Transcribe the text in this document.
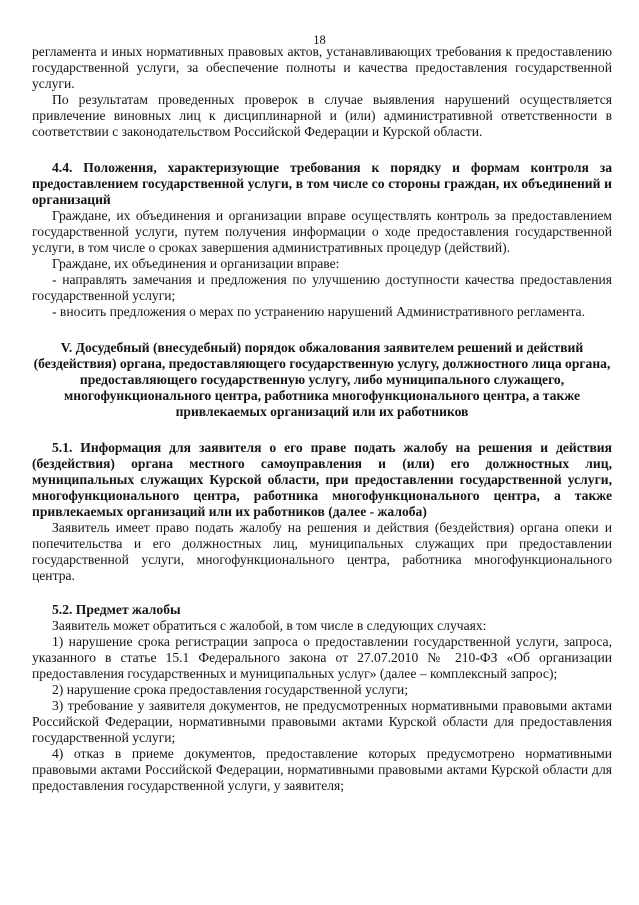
18

регламента и иных нормативных правовых актов, устанавливающих требования к предоставлению государственной услуги, за обеспечение полноты и качества предоставления государственной услуги.

По результатам проведенных проверок в случае выявления нарушений осуществляется привлечение виновных лиц к дисциплинарной и (или) административной ответственности в соответствии с законодательством Российской Федерации и Курской области.

4.4. Положения, характеризующие требования к порядку и формам контроля за предоставлением государственной услуги, в том числе со стороны граждан, их объединений и организаций

Граждане, их объединения и организации вправе осуществлять контроль за предоставлением государственной услуги, путем получения информации о ходе предоставления государственной услуги, в том числе о сроках завершения административных процедур (действий).

Граждане, их объединения и организации вправе:

- направлять замечания и предложения по улучшению доступности качества предоставления государственной услуги;

- вносить предложения о мерах по устранению нарушений Административного регламента.

V. Досудебный (внесудебный) порядок обжалования заявителем решений и действий (бездействия) органа, предоставляющего государственную услугу, должностного лица органа, предоставляющего государственную услугу, либо муниципального служащего, многофункционального центра, работника многофункционального центра, а также привлекаемых организаций или их работников

5.1. Информация для заявителя о его праве подать жалобу на решения и действия (бездействия) органа местного самоуправления и (или) его должностных лиц, муниципальных служащих Курской области, при предоставлении государственной услуги, многофункционального центра, работника многофункционального центра, а также привлекаемых организаций или их работников (далее - жалоба)

Заявитель имеет право подать жалобу на решения и действия (бездействия) органа опеки и попечительства и его должностных лиц, муниципальных служащих при предоставлении государственной услуги, многофункционального центра, работника многофункционального центра.

5.2. Предмет жалобы

Заявитель может обратиться с жалобой, в том числе в следующих случаях:

1) нарушение срока регистрации запроса о предоставлении государственной услуги, запроса, указанного в статье 15.1 Федерального закона от 27.07.2010 № 210-ФЗ «Об организации предоставления государственных и муниципальных услуг» (далее – комплексный запрос);

2) нарушение срока предоставления государственной услуги;

3) требование у заявителя документов, не предусмотренных нормативными правовыми актами Российской Федерации, нормативными правовыми актами Курской области для предоставления государственной услуги;

4) отказ в приеме документов, предоставление которых предусмотрено нормативными правовыми актами Российской Федерации, нормативными правовыми актами Курской области для предоставления государственной услуги, у заявителя;
